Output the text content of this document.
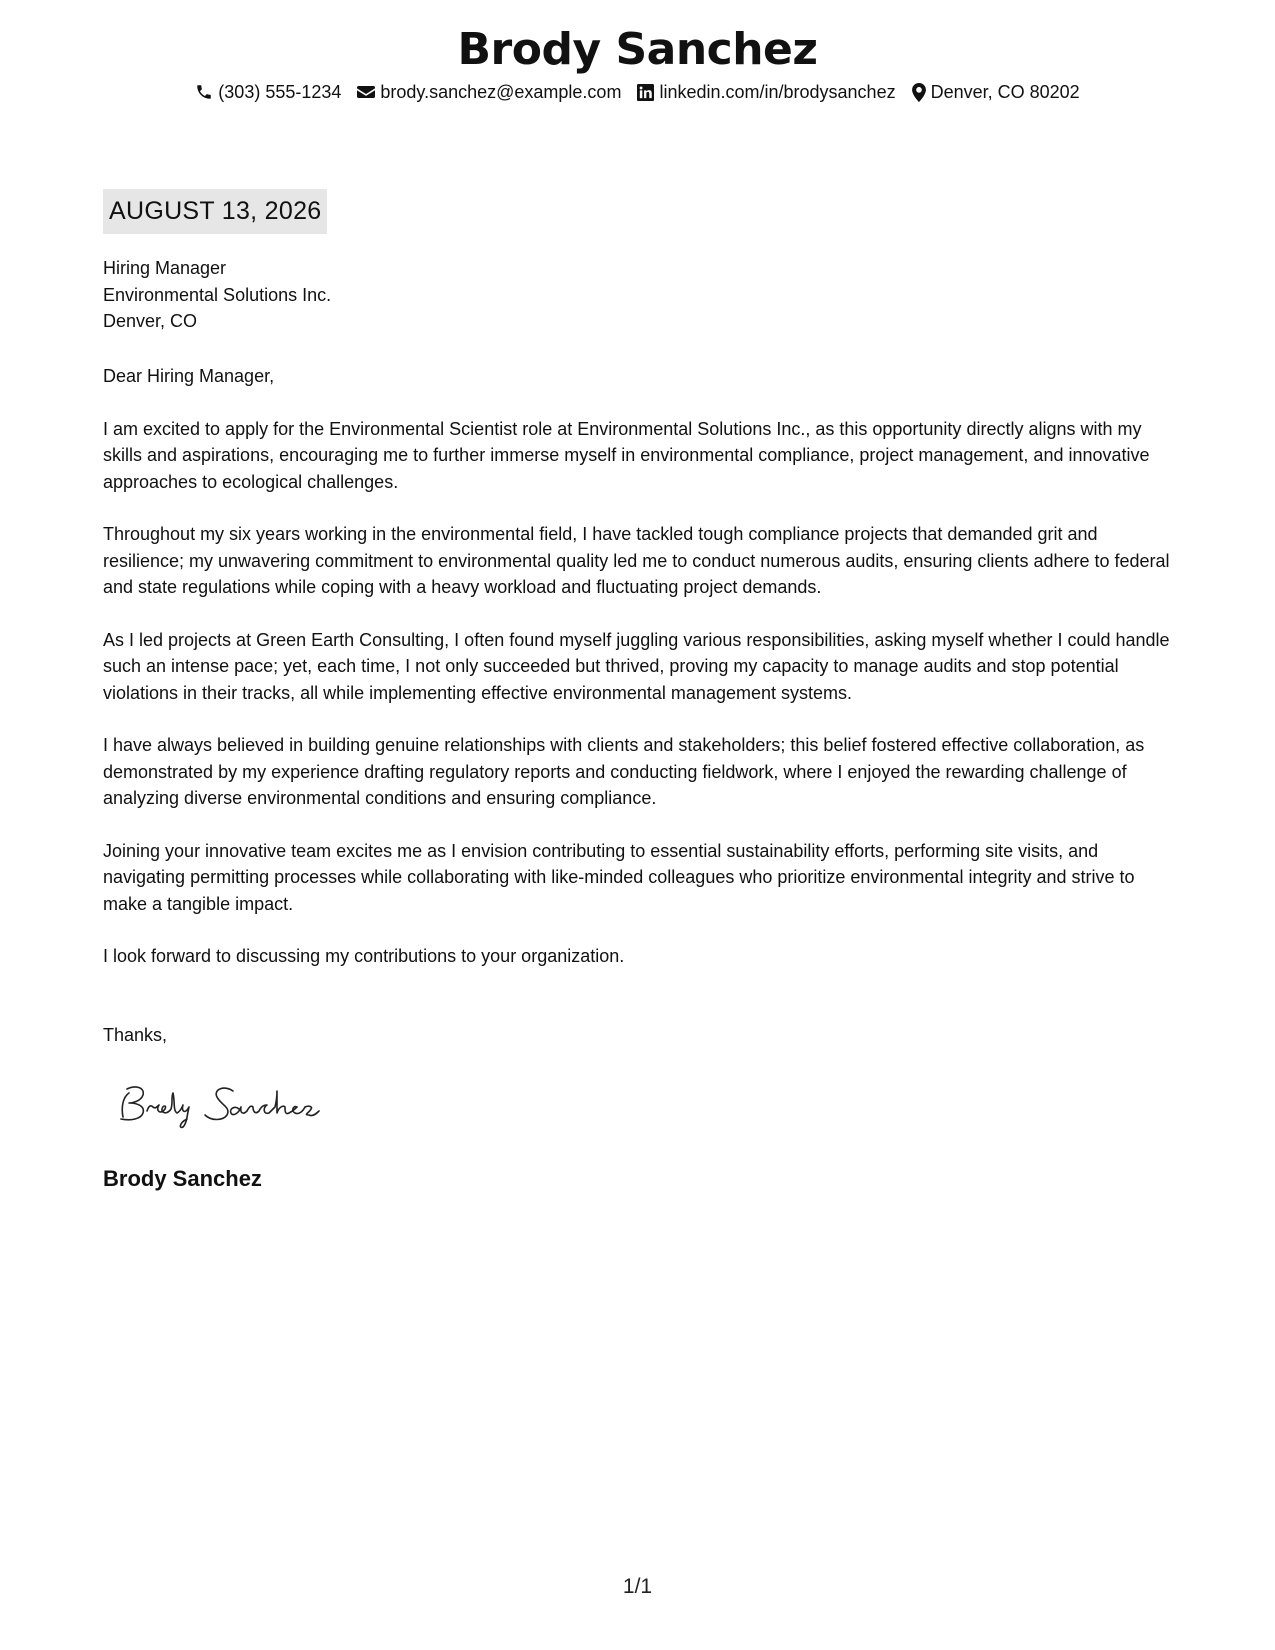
Brody Sanchez
(303) 555-1234 brody.sanchez@example.com linkedin.com/in/brodysanchez Denver, CO 80202
AUGUST 13, 2026
Hiring Manager
Environmental Solutions Inc.
Denver, CO

Dear Hiring Manager,

I am excited to apply for the Environmental Scientist role at Environmental Solutions Inc., as this opportunity directly aligns with my skills and aspirations, encouraging me to further immerse myself in environmental compliance, project management, and innovative approaches to ecological challenges.

Throughout my six years working in the environmental field, I have tackled tough compliance projects that demanded grit and resilience; my unwavering commitment to environmental quality led me to conduct numerous audits, ensuring clients adhere to federal and state regulations while coping with a heavy workload and fluctuating project demands.

As I led projects at Green Earth Consulting, I often found myself juggling various responsibilities, asking myself whether I could handle such an intense pace; yet, each time, I not only succeeded but thrived, proving my capacity to manage audits and stop potential violations in their tracks, all while implementing effective environmental management systems.

I have always believed in building genuine relationships with clients and stakeholders; this belief fostered effective collaboration, as demonstrated by my experience drafting regulatory reports and conducting fieldwork, where I enjoyed the rewarding challenge of analyzing diverse environmental conditions and ensuring compliance.

Joining your innovative team excites me as I envision contributing to essential sustainability efforts, performing site visits, and navigating permitting processes while collaborating with like-minded colleagues who prioritize environmental integrity and strive to make a tangible impact.

I look forward to discussing my contributions to your organization.

Thanks,
Brody Sanchez
1/1
